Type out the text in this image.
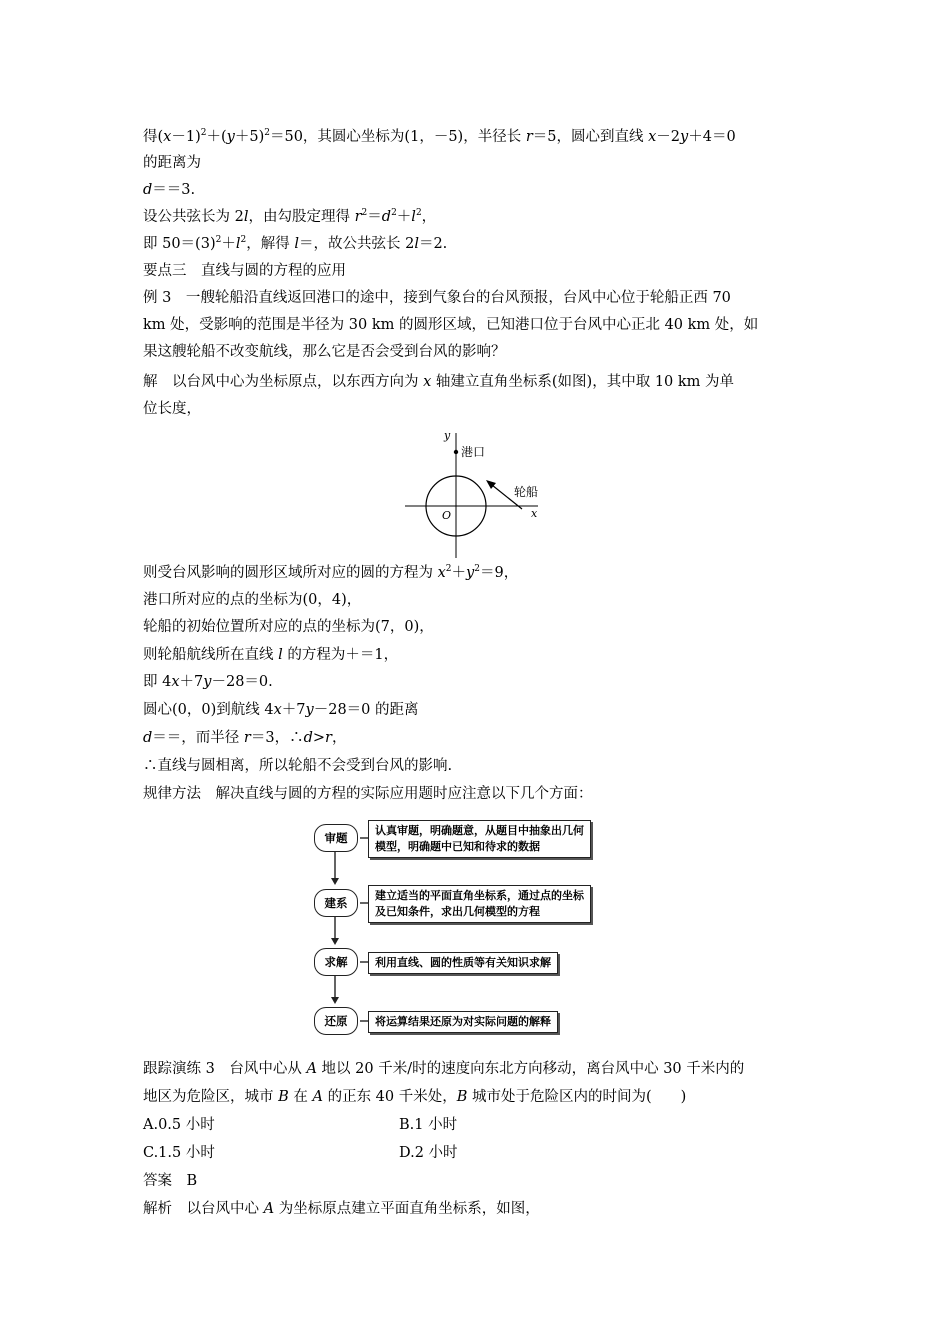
得$(x-1)^2+(y+5)^2=50$，其圆心坐标为(1，－5)，半径长 r＝5，圆心到直线 x－2y＋4＝0
的距离为
d＝＝3.
设公共弦长为 2l，由勾股定理得 $r^2=d^2+l^2$，
即 $50=(3)^2+l^2$，解得 l＝，故公共弦长 2l＝2.
要点三　直线与圆的方程的应用
例 3　一艘轮船沿直线返回港口的途中，接到气象台的台风预报，台风中心位于轮船正西 70
km 处，受影响的范围是半径为 30 km 的圆形区域，已知港口位于台风中心正北 40 km 处，如
果这艘轮船不改变航线，那么它是否会受到台风的影响？
解　以台风中心为坐标原点，以东西方向为 x 轴建立直角坐标系(如图)，其中取 10 km 为单
位长度，
y
x
O
港口
轮船
则受台风影响的圆形区域所对应的圆的方程为 $x^2+y^2=9$，
港口所对应的点的坐标为(0，4)，
轮船的初始位置所对应的点的坐标为(7，0)，
则轮船航线所在直线 l 的方程为＋＝1，
即 4x＋7y－28＝0.
圆心(0，0)到航线 4x＋7y－28＝0 的距离
d＝＝，而半径 r＝3，∴d>r，
∴直线与圆相离，所以轮船不会受到台风的影响.
规律方法　解决直线与圆的方程的实际应用题时应注意以下几个方面：
审题
认真审题，明确题意，从题目中抽象出几何
模型，明确题中已知和待求的数据
建系
建立适当的平面直角坐标系，通过点的坐标
及已知条件，求出几何模型的方程
求解	利用直线、圆的性质等有关知识求解
还原	将运算结果还原为对实际问题的解释
跟踪演练 3　台风中心从 A 地以 20 千米/时的速度向东北方向移动，离台风中心 30 千米内的
地区为危险区，城市 B 在 A 的正东 40 千米处，B 城市处于危险区内的时间为(　　)
A.0.5 小时	B.1 小时
C.1.5 小时	D.2 小时
答案　B
解析　以台风中心 A 为坐标原点建立平面直角坐标系，如图，
